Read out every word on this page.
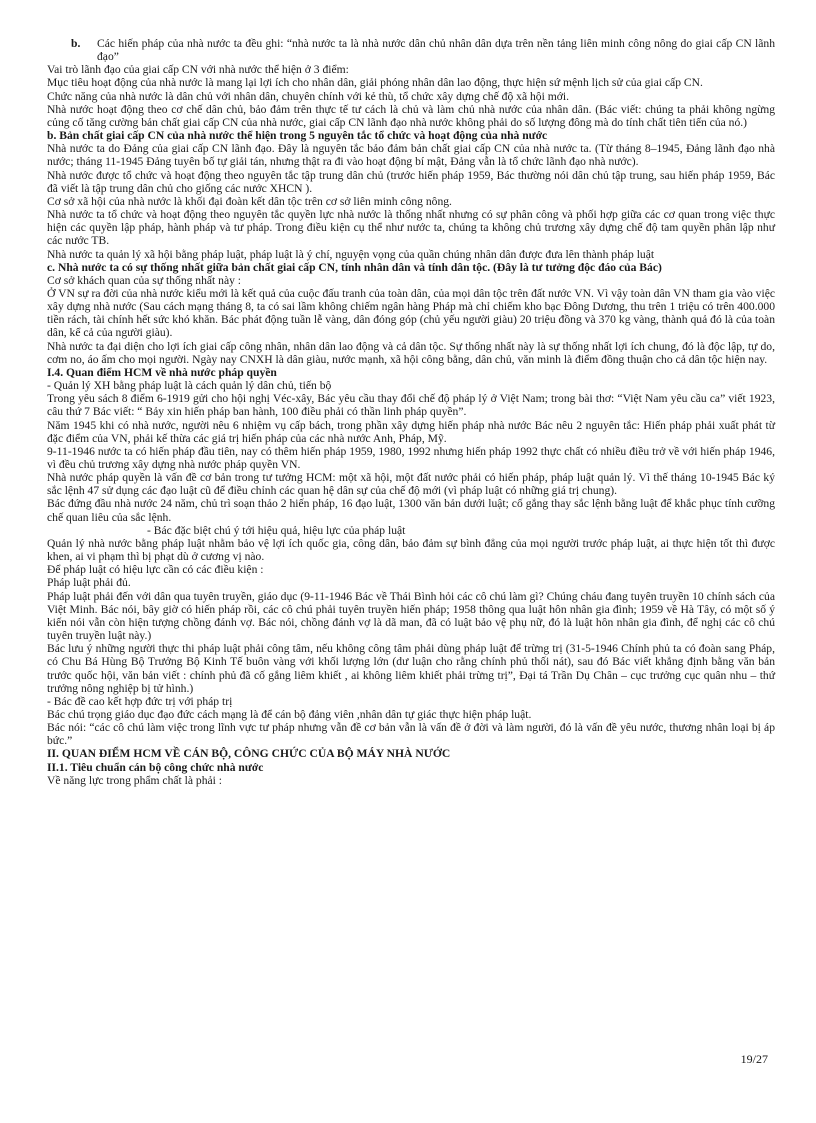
b.	Các hiến pháp của nhà nước ta đều ghi: “nhà nước ta là nhà nước dân chủ nhân dân dựa trên nền tảng liên minh công nông do giai cấp CN lãnh đạo”

Vai trò lãnh đạo của giai cấp CN với nhà nước thể hiện ở 3 điểm:

Mục tiêu hoạt động của nhà nước là mang lại lợi ích cho nhân dân, giải phóng nhân dân lao động, thực hiện sứ mệnh lịch sử của giai cấp CN.

Chức năng của nhà nước là dân chủ với nhân dân, chuyên chính với kẻ thù, tổ chức xây dựng chế độ xã hội mới.

Nhà nước hoạt động theo cơ chế dân chủ, bảo đảm trên thực tế tư cách là chủ và làm chủ nhà nước của nhân dân. (Bác viết: chúng ta phải không ngừng củng cố tăng cường bản chất giai cấp CN của nhà nước, giai cấp CN lãnh đạo nhà nước không phải do số lượng đông mà do tính chất tiên tiến của nó.)

b. Bản chất giai cấp CN của nhà nước thể hiện trong 5 nguyên tắc tổ chức và hoạt động của nhà nước

Nhà nước ta do Đảng của giai cấp CN lãnh đạo. Đây là nguyên tắc bảo đảm bản chất giai cấp CN của nhà nước ta. (Từ tháng 8–1945, Đảng lãnh đạo nhà nước; tháng 11-1945 Đảng tuyên bố tự giải tán, nhưng thật ra đi vào hoạt động bí mật, Đảng vẫn là tổ chức lãnh đạo nhà nước).

Nhà nước được tổ chức và hoạt động theo nguyên tắc tập trung dân chủ (trước hiến pháp 1959, Bác thường nói dân chủ tập trung, sau hiến pháp 1959, Bác đã viết là tập trung dân chủ cho giống các nước XHCN ).

Cơ sở xã hội của nhà nước là khối đại đoàn kết dân tộc trên cơ sở liên minh công nông.

Nhà nước ta tổ chức và hoạt động theo nguyên tắc quyền lực nhà nước là thống nhất nhưng có sự phân công và phối hợp giữa các cơ quan trong việc thực hiện các quyền lập pháp, hành pháp và tư pháp. Trong điều kiện cụ thể như nước ta, chúng ta không chủ trương xây dựng chế độ tam quyền phân lập như các nước TB.

Nhà nước ta quản lý xã hội bằng pháp luật, pháp luật là ý chí, nguyện vọng của quần chúng nhân dân được đưa lên thành pháp luật

c. Nhà nước ta có sự thống nhất giữa bản chất giai cấp CN, tính nhân dân và tính dân tộc. (Đây là tư tưởng độc đáo của Bác)

Cơ sở khách quan của sự thống nhất này :

Ở VN sự ra đời của nhà nước kiểu mới là kết quả của cuộc đấu tranh của toàn dân, của mọi dân tộc trên đất nước VN. Vì vậy toàn dân VN tham gia vào việc xây dựng nhà nước (Sau cách mạng tháng 8, ta có sai lầm không chiếm ngân hàng Pháp mà chỉ chiếm kho bạc Đông Dương, thu trên 1 triệu có trên 400.000 tiền rách, tài chính hết sức khó khăn. Bác phát động tuần lễ vàng, dân đóng góp (chủ yếu người giàu) 20 triệu đồng và 370 kg vàng, thành quả đó là của toàn dân, kể cả của người giàu).

Nhà nước ta đại diện cho lợi ích giai cấp công nhân, nhân dân lao động và cả dân tộc. Sự thống nhất này là sự thống nhất lợi ích chung, đó là độc lập, tự do, cơm no, áo ấm cho mọi người. Ngày nay CNXH là dân giàu, nước mạnh, xã hội công bằng, dân chủ, văn minh là điểm đồng thuận cho cả dân tộc hiện nay.

I.4. Quan điểm HCM về nhà nước pháp quyền

- Quản lý XH bằng pháp luật là cách quản lý dân chủ, tiến bộ

Trong yêu sách 8 điểm 6-1919 gửi cho hội nghị Véc-xây, Bác yêu cầu thay đổi chế độ pháp lý ở Việt Nam; trong bài thơ: “Việt Nam yêu cầu ca” viết 1923, câu thứ 7 Bác viết: “ Bảy xin hiến pháp ban hành, 100 điều phải có thần linh pháp quyền”.

Năm 1945 khi có nhà nước, người nêu 6 nhiệm vụ cấp bách, trong phần xây dựng hiến pháp nhà nước Bác nêu 2 nguyên tắc: Hiến pháp phải xuất phát từ đặc điểm của VN, phải kế thừa các giá trị hiến pháp của các nhà nước Anh, Pháp, Mỹ.

9-11-1946 nước ta có hiến pháp đầu tiên, nay có thêm hiến pháp 1959, 1980, 1992 nhưng hiến pháp 1992 thực chất có nhiều điều trở về với hiến pháp 1946, vì đều chủ trương xây dựng nhà nước pháp quyền VN.

Nhà nước pháp quyền là vấn đề cơ bản trong tư tưởng HCM: một xã hội, một đất nước phải có hiến pháp, pháp luật quản lý. Vì thế tháng 10-1945 Bác ký sắc lệnh 47 sử dụng các đạo luật cũ để điều chỉnh các quan hệ dân sự của chế độ mới (vì pháp luật có những giá trị chung).

Bác đứng đầu nhà nước 24 năm, chủ trì soạn thảo 2 hiến pháp, 16 đạo luật, 1300 văn bản dưới luật; cố gắng thay sắc lệnh bằng luật để khắc phục tính cưỡng chế quan liêu của sắc lệnh.

- Bác đặc biệt chú ý tới hiệu quả, hiệu lực của pháp luật

Quản lý nhà nước bằng pháp luật nhằm bảo vệ lợi ích quốc gia, công dân, bảo đảm sự bình đẳng của mọi người trước pháp luật, ai thực hiện tốt thì được khen, ai vi phạm thì bị phạt dù ở cương vị nào.

Để pháp luật có hiệu lực cần có các điều kiện :

Pháp luật phải đủ.

Pháp luật phải đến với dân qua tuyên truyền, giáo dục (9-11-1946 Bác về Thái Bình hỏi các cô chú làm gì? Chúng cháu đang tuyên truyền 10 chính sách của Việt Minh. Bác nói, bây giờ có hiến pháp rồi, các cô chú phải tuyên truyền hiến pháp; 1958 thông qua luật hôn nhân gia đình; 1959 về Hà Tây, có một số ý kiến nói vẫn còn hiện tượng chồng đánh vợ. Bác nói, chồng đánh vợ là dã man, đã có luật bảo vệ phụ nữ, đó là luật hôn nhân gia đình, để nghị các cô chú tuyên truyền luật này.)

Bác lưu ý những người thực thi pháp luật phải công tâm, nếu không công tâm phải dùng pháp luật để trừng trị (31-5-1946 Chính phủ ta có đoàn sang Pháp, có Chu Bá Hùng Bộ Trưởng Bộ Kinh Tế buôn vàng với khối lượng lớn (dư luận cho rằng chính phủ thối nát), sau đó Bác viết khẳng định bằng văn bản trước quốc hội, văn bản viết : chính phủ đã cố gắng liêm khiết , ai không liêm khiết phải trừng trị”, Đại tá Trần Dụ Chân – cục trưởng cục quân nhu – thứ trưởng nông nghiệp bị tử hình.)

- Bác đề cao kết hợp đức trị với pháp trị

Bác chú trọng giáo dục đạo đức cách mạng là để cán bộ đảng viên ,nhân dân tự giác thực hiện pháp luật.

Bác nói: “các cô chú làm việc trong lĩnh vực tư pháp nhưng vẫn đề cơ bản vẫn là vấn đề ở đời và làm người, đó là vấn đề yêu nước, thương nhân loại bị áp bức.”

II. QUAN ĐIỂM HCM VỀ CÁN BỘ, CÔNG CHỨC CỦA BỘ MÁY NHÀ NƯỚC

II.1. Tiêu chuẩn cán bộ công chức nhà nước

Về năng lực trong phẩm chất là phải :

19/27
